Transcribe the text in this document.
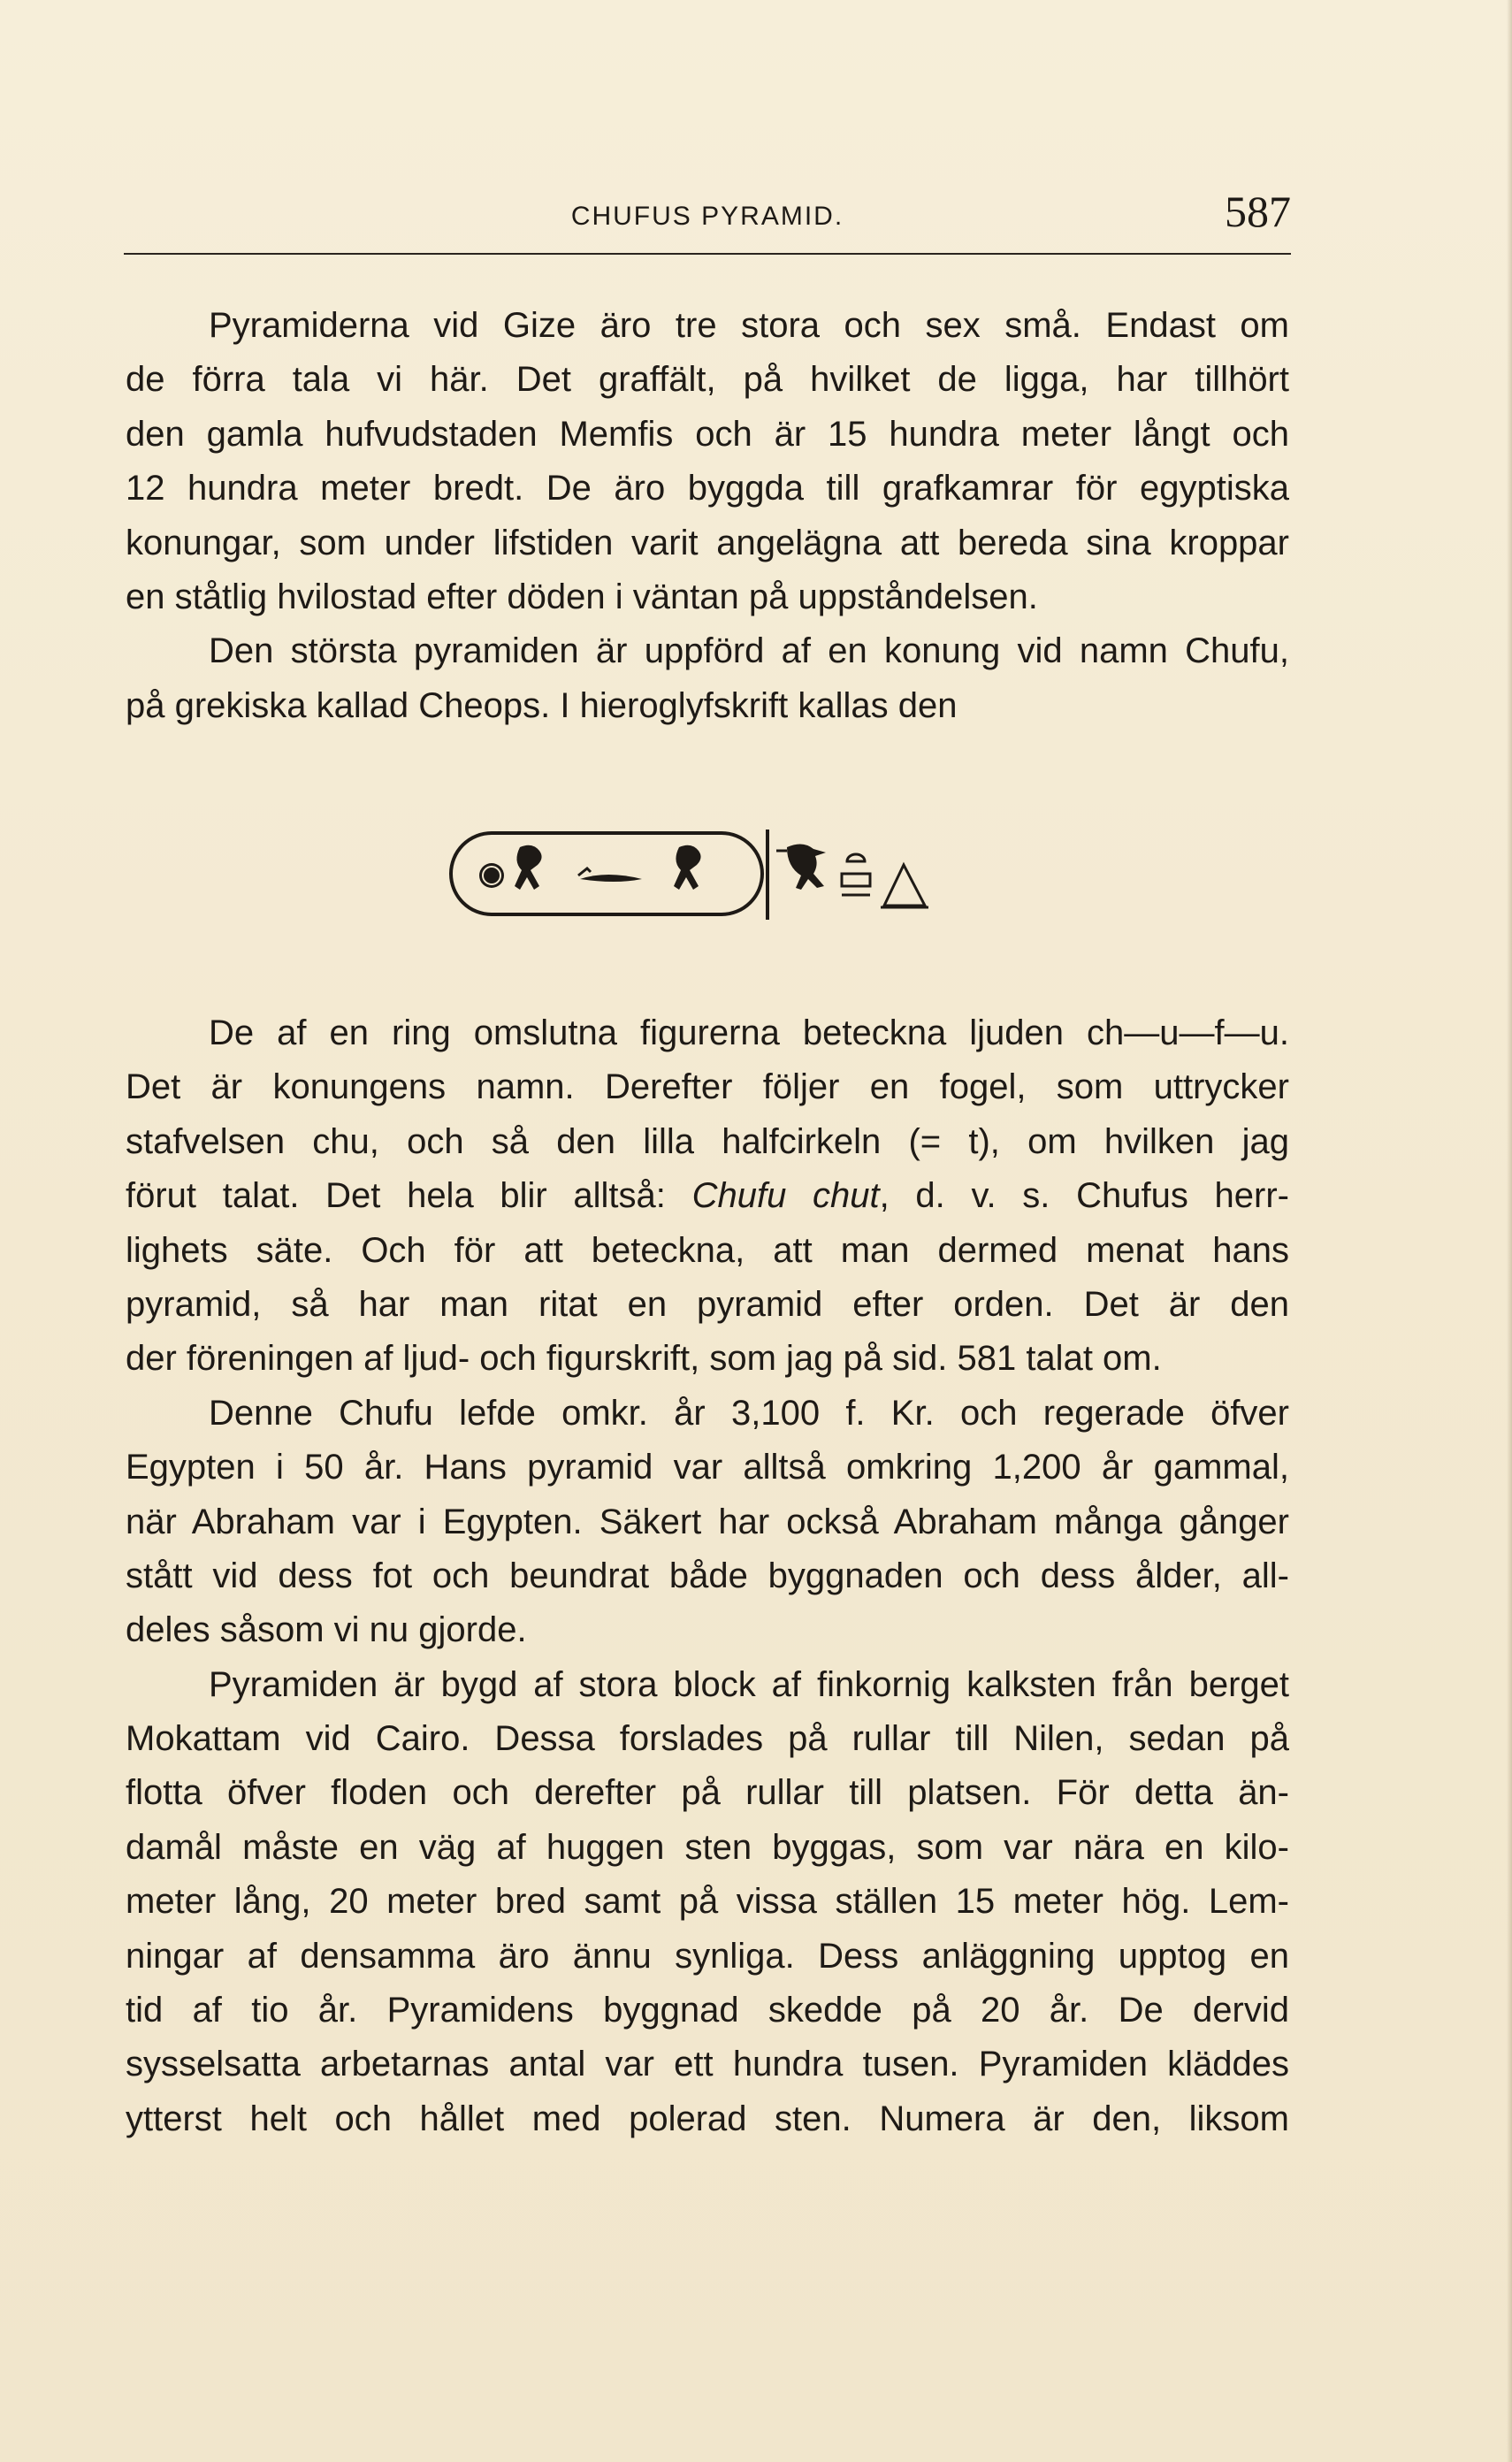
CHUFUS PYRAMID.	587
Pyramiderna vid Gize äro tre stora och sex små. Endast om
de förra tala vi här. Det graffält, på hvilket de ligga, har tillhört
den gamla hufvudstaden Memfis och är 15 hundra meter långt och
12 hundra meter bredt. De äro byggda till grafkamrar för egyptiska
konungar, som under lifstiden varit angelägna att bereda sina kroppar
en ståtlig hvilostad efter döden i väntan på uppståndelsen.
Den största pyramiden är uppförd af en konung vid namn Chufu,
på grekiska kallad Cheops. I hieroglyfskrift kallas den
De af en ring omslutna figurerna beteckna ljuden ch—u—f—u.
Det är konungens namn. Derefter följer en fogel, som uttrycker
stafvelsen chu, och så den lilla halfcirkeln (= t), om hvilken jag
förut talat. Det hela blir alltså: Chufu chut, d. v. s. Chufus herr-
lighets säte. Och för att beteckna, att man dermed menat hans
pyramid, så har man ritat en pyramid efter orden. Det är den
der föreningen af ljud- och figurskrift, som jag på sid. 581 talat om.
Denne Chufu lefde omkr. år 3,100 f. Kr. och regerade öfver
Egypten i 50 år. Hans pyramid var alltså omkring 1,200 år gammal,
när Abraham var i Egypten. Säkert har också Abraham många gånger
stått vid dess fot och beundrat både byggnaden och dess ålder, all-
deles såsom vi nu gjorde.
Pyramiden är bygd af stora block af finkornig kalksten från berget
Mokattam vid Cairo. Dessa forslades på rullar till Nilen, sedan på
flotta öfver floden och derefter på rullar till platsen. För detta än-
damål måste en väg af huggen sten byggas, som var nära en kilo-
meter lång, 20 meter bred samt på vissa ställen 15 meter hög. Lem-
ningar af densamma äro ännu synliga. Dess anläggning upptog en
tid af tio år. Pyramidens byggnad skedde på 20 år. De dervid
sysselsatta arbetarnas antal var ett hundra tusen. Pyramiden kläddes
ytterst helt och hållet med polerad sten. Numera är den, liksom
